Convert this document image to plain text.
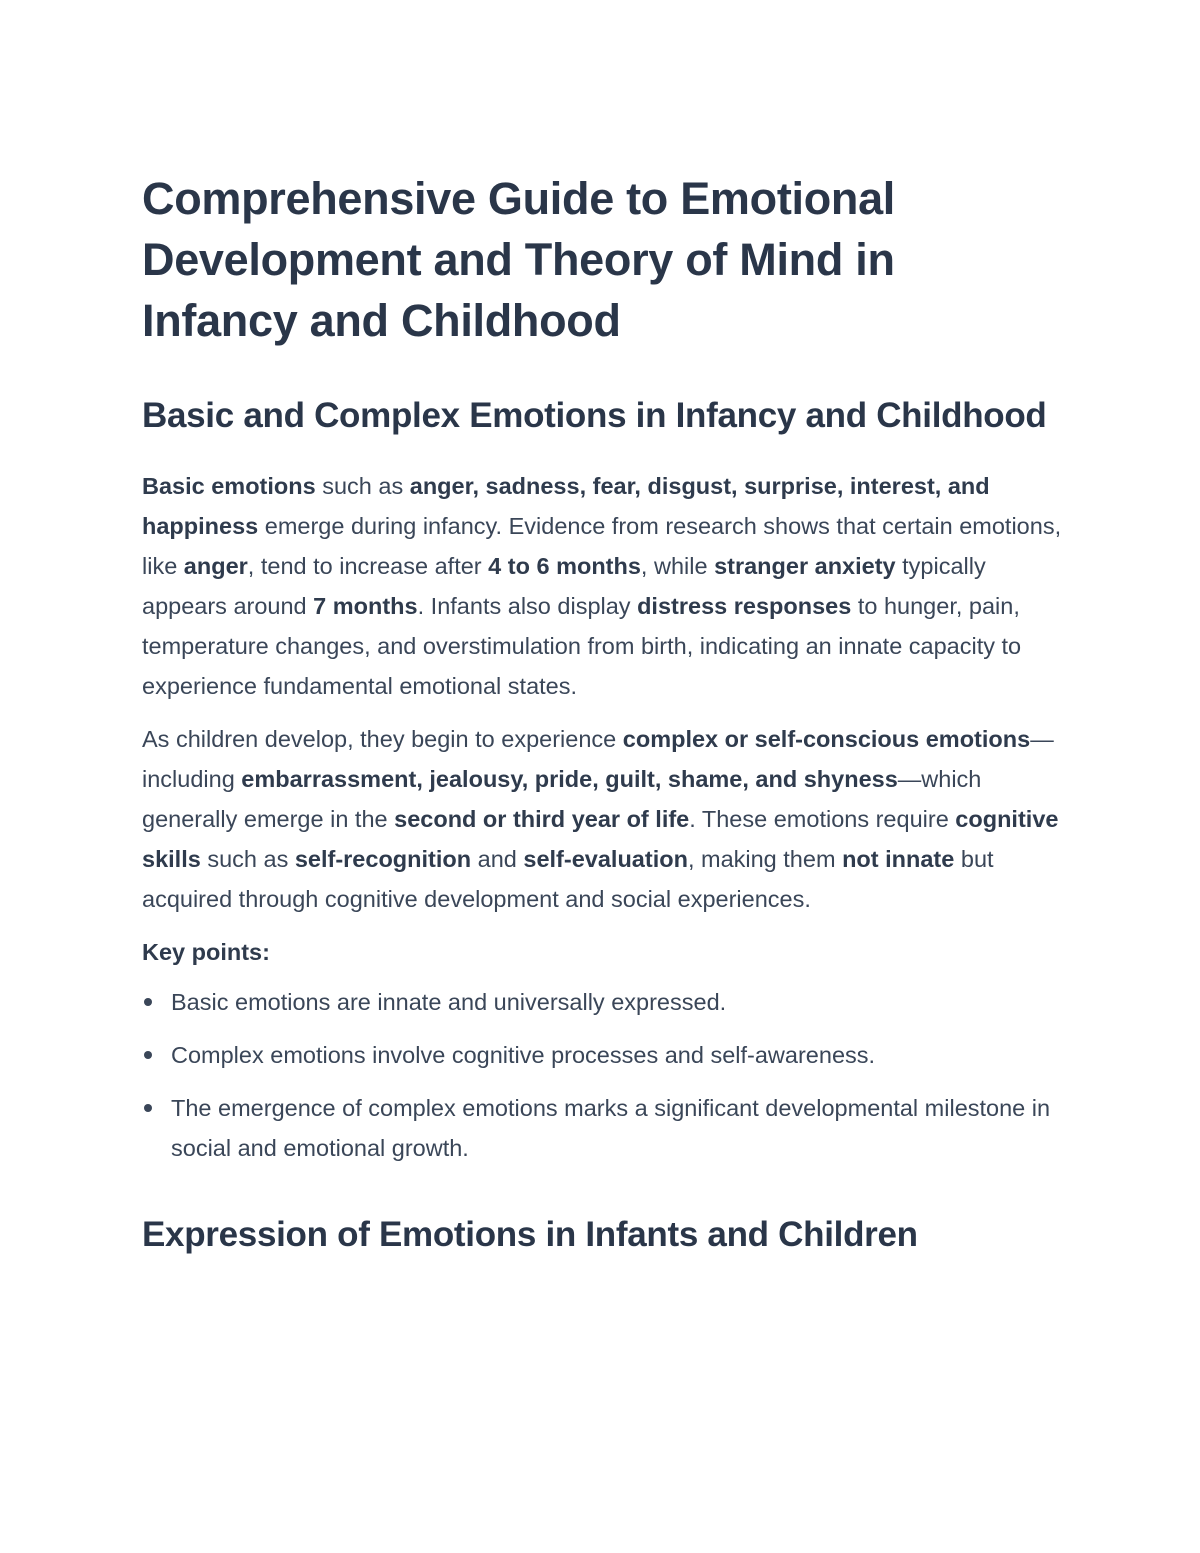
Comprehensive Guide to Emotional Development and Theory of Mind in Infancy and Childhood
Basic and Complex Emotions in Infancy and Childhood

Basic emotions such as anger, sadness, fear, disgust, surprise, interest, and happiness emerge during infancy. Evidence from research shows that certain emotions, like anger, tend to increase after 4 to 6 months, while stranger anxiety typically appears around 7 months. Infants also display distress responses to hunger, pain, temperature changes, and overstimulation from birth, indicating an innate capacity to experience fundamental emotional states.

As children develop, they begin to experience complex or self-conscious emotions—including embarrassment, jealousy, pride, guilt, shame, and shyness—which generally emerge in the second or third year of life. These emotions require cognitive skills such as self-recognition and self-evaluation, making them not innate but acquired through cognitive development and social experiences.

Key points:
Basic emotions are innate and universally expressed.
Complex emotions involve cognitive processes and self-awareness.
The emergence of complex emotions marks a significant developmental milestone in social and emotional growth.
Expression of Emotions in Infants and Children
